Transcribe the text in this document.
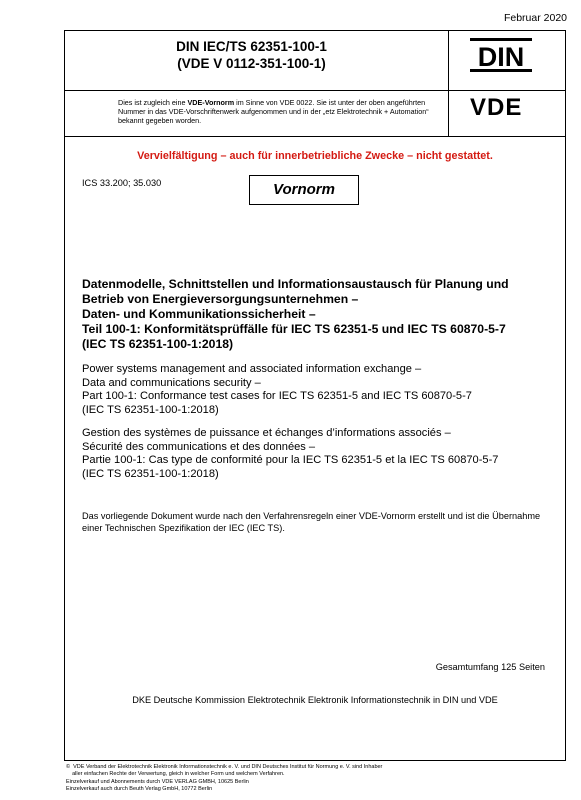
Februar 2020
DIN IEC/TS 62351-100-1
(VDE V 0112-351-100-1)	DIN
VDE
Dies ist zugleich eine VDE-Vornorm im Sinne von VDE 0022. Sie ist unter der oben angeführten Nummer in das VDE-Vorschriftenwerk aufgenommen und in der „etz Elektrotechnik + Automation“ bekannt gegeben worden.
Vervielfältigung – auch für innerbetriebliche Zwecke – nicht gestattet.
ICS 33.200; 35.030	Vornorm
Datenmodelle, Schnittstellen und Informationsaustausch für Planung und
Betrieb von Energieversorgungsunternehmen –
Daten- und Kommunikationssicherheit –
Teil 100-1: Konformitätsprüffälle für IEC TS 62351-5 und IEC TS 60870-5-7
(IEC TS 62351-100-1:2018)
Power systems management and associated information exchange –
Data and communications security –
Part 100-1: Conformance test cases for IEC TS 62351-5 and IEC TS 60870-5-7
(IEC TS 62351-100-1:2018)
Gestion des systèmes de puissance et échanges d’informations associés –
Sécurité des communications et des données –
Partie 100-1: Cas type de conformité pour la IEC TS 62351-5 et la IEC TS 60870-5-7
(IEC TS 62351-100-1:2018)
Das vorliegende Dokument wurde nach den Verfahrensregeln einer VDE-Vornorm erstellt und ist die Übernahme einer Technischen Spezifikation der IEC (IEC TS).
Gesamtumfang 125 Seiten
DKE Deutsche Kommission Elektrotechnik Elektronik Informationstechnik in DIN und VDE
©  VDE Verband der Elektrotechnik Elektronik Informationstechnik e. V. und DIN Deutsches Institut für Normung e. V. sind Inhaber
aller einfachen Rechte der Verwertung, gleich in welcher Form und welchem Verfahren.
Einzelverkauf und Abonnements durch VDE VERLAG GMBH, 10625 Berlin
Einzelverkauf auch durch Beuth Verlag GmbH, 10772 Berlin
